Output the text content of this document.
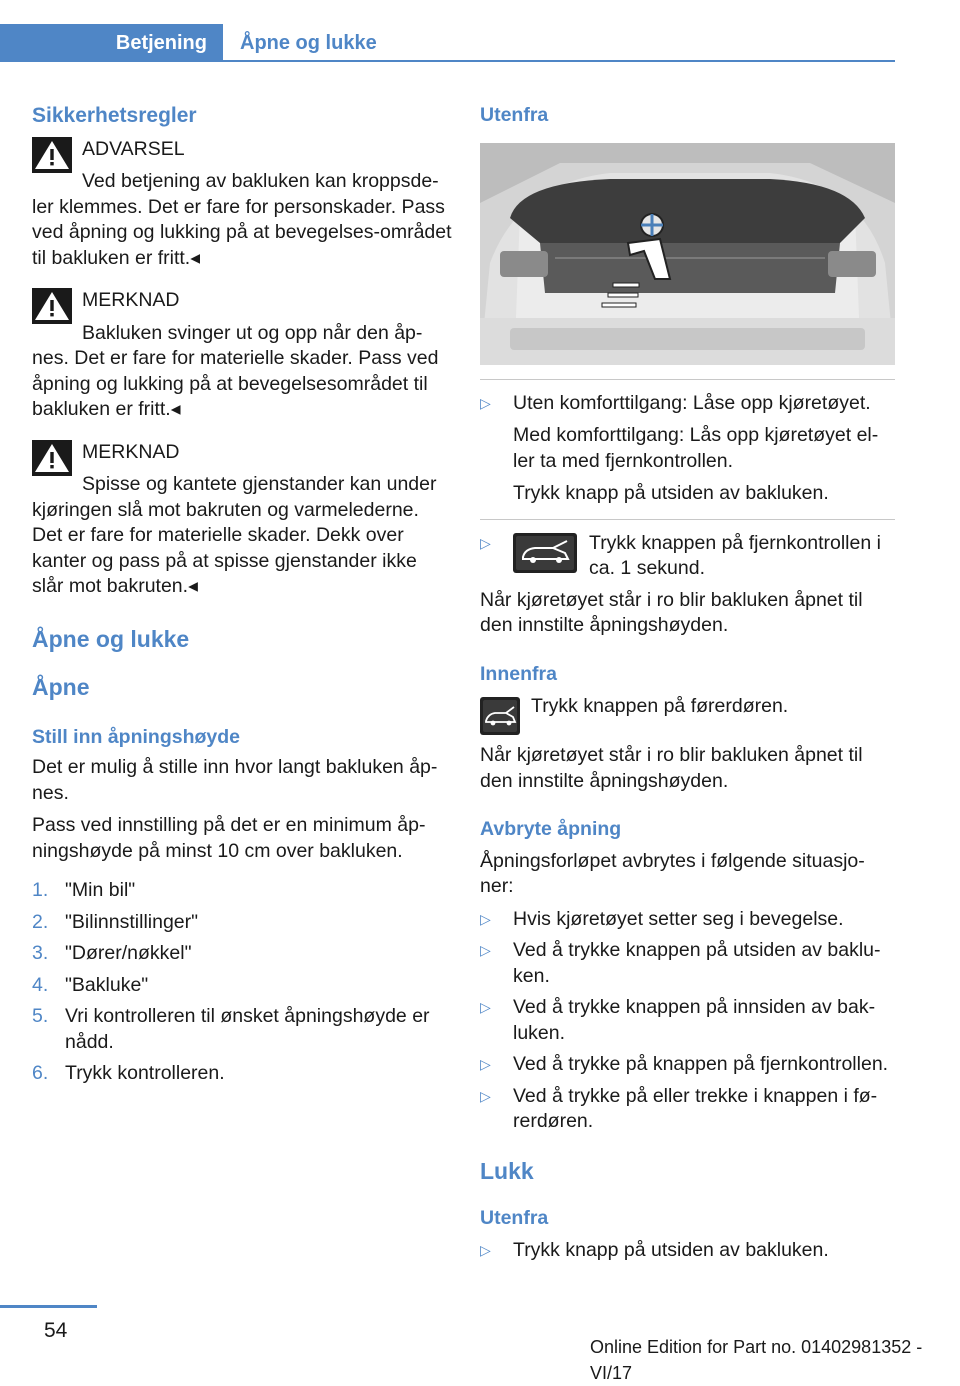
Betjening Åpne og lukke
Sikkerhetsregler

ADVARSEL

Ved betjening av bakluken kan kroppsde-

ler klemmes. Det er fare for personskader. Pass ved åpning og lukking på at bevegelses-området til bakluken er fritt.◂

MERKNAD

Bakluken svinger ut og opp når den åp-

nes. Det er fare for materielle skader. Pass ved åpning og lukking på at bevegelsesområdet til bakluken er fritt.◂

MERKNAD

Spisse og kantete gjenstander kan under

kjøringen slå mot bakruten og varmelederne. Det er fare for materielle skader. Dekk over kanter og pass på at spisse gjenstander ikke slår mot bakruten.◂

Åpne og lukke
Åpne
Still inn åpningshøyde

Det er mulig å stille inn hvor langt bakluken åp-nes.

Pass ved innstilling på det er en minimum åp-ningshøyde på minst 10 cm over bakluken.

1. "Min bil"
2. "Bilinnstillinger"
3. "Dører/nøkkel"
4. "Bakluke"
5. Vri kontrolleren til ønsket åpningshøyde er nådd.
6. Trykk kontrolleren.
Utenfra
▷	Uten komforttilgang: Låse opp kjøretøyet.

Med komforttilgang: Lås opp kjøretøyet el-ler ta med fjernkontrollen.

Trykk knapp på utsiden av bakluken.

▷	Trykk knappen på fjernkontrollen i ca. 1 sekund.

Når kjøretøyet står i ro blir bakluken åpnet til den innstilte åpningshøyden.

Innenfra

Trykk knappen på førerdøren.

Når kjøretøyet står i ro blir bakluken åpnet til den innstilte åpningshøyden.

Avbryte åpning

Åpningsforløpet avbrytes i følgende situasjo-ner:

▷	Hvis kjøretøyet setter seg i bevegelse.
▷	Ved å trykke knappen på utsiden av baklu-ken.
▷	Ved å trykke knappen på innsiden av bak-luken.
▷	Ved å trykke på knappen på fjernkontrollen.
▷	Ved å trykke på eller trekke i knappen i fø-rerdøren.
Lukk
Utenfra
▷	Trykk knapp på utsiden av bakluken.
54
Online Edition for Part no. 01402981352 - VI/17
